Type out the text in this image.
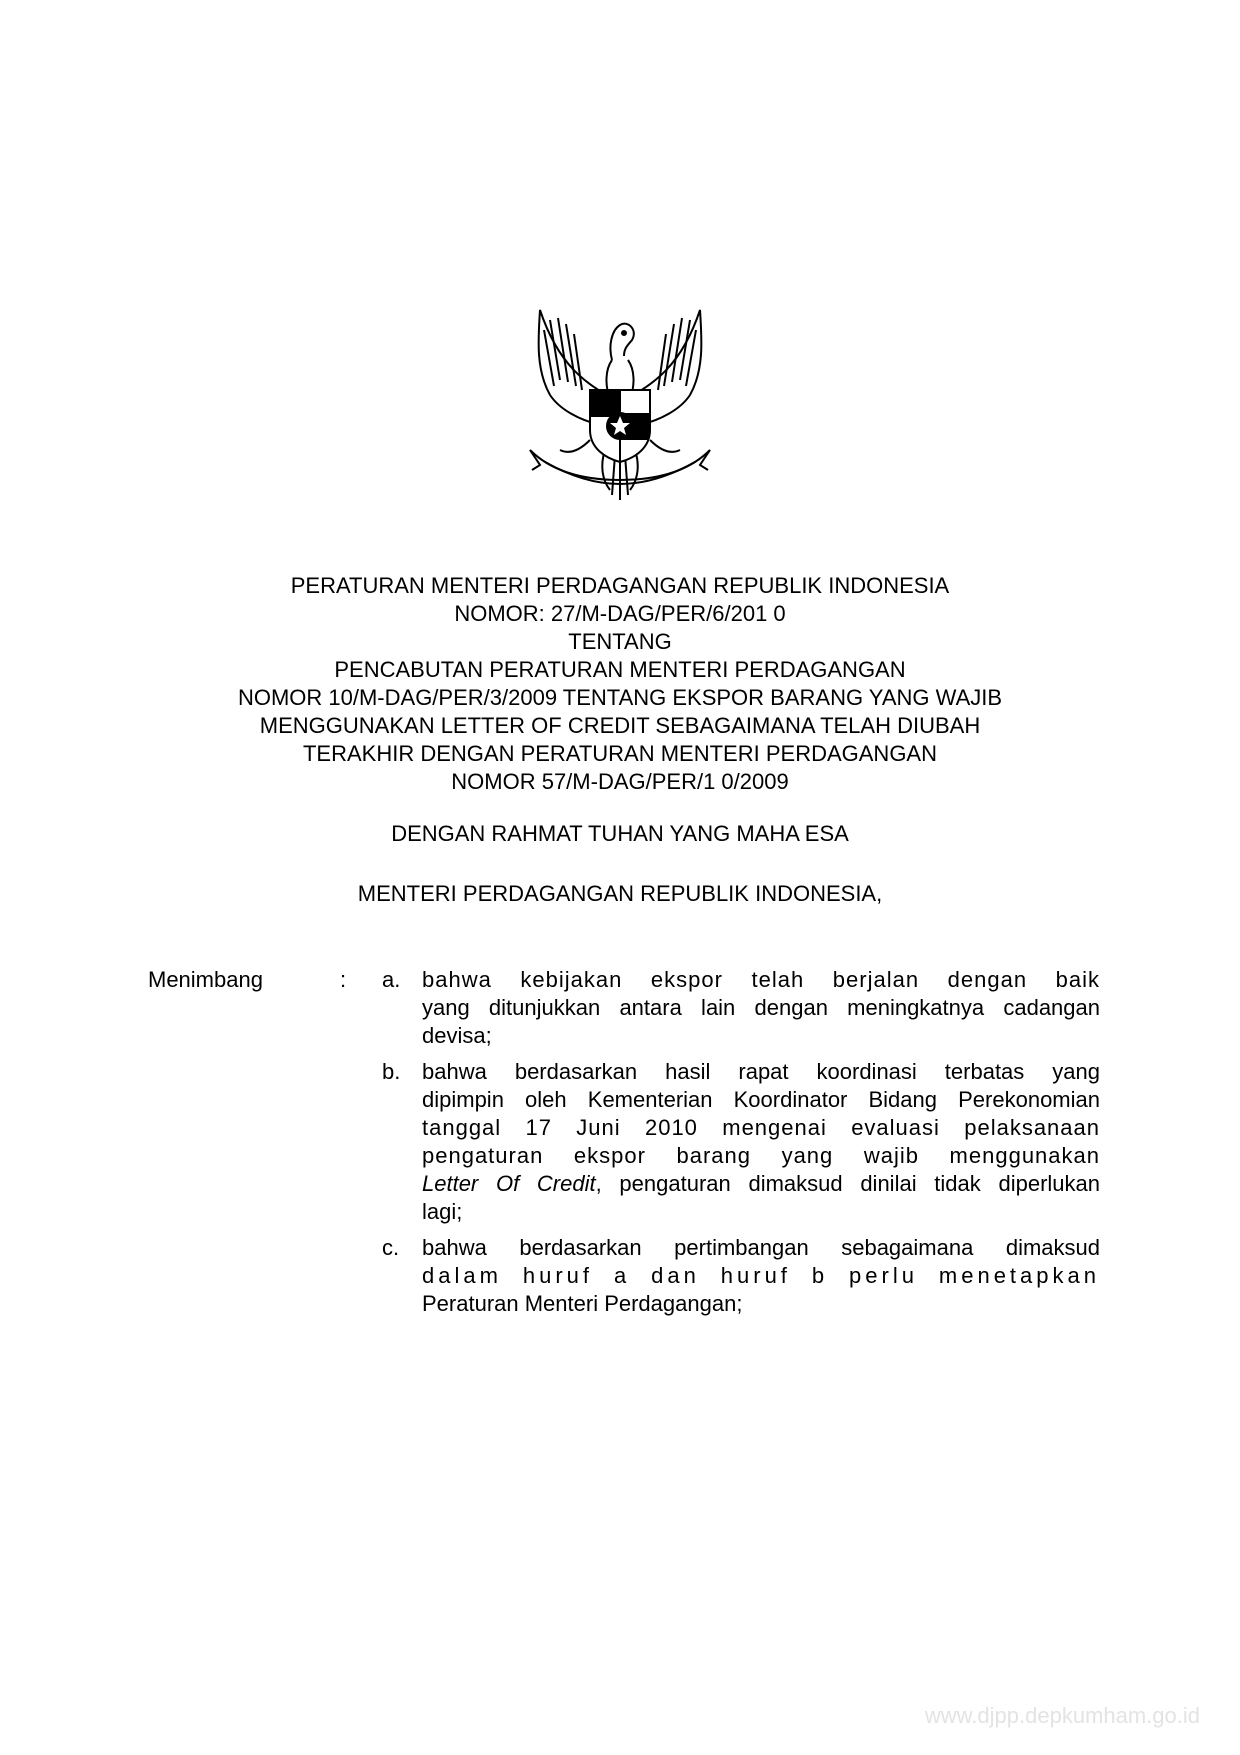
PERATURAN MENTERI PERDAGANGAN REPUBLIK INDONESIA
NOMOR: 27/M-DAG/PER/6/201 0
TENTANG
PENCABUTAN PERATURAN MENTERI PERDAGANGAN
NOMOR 10/M-DAG/PER/3/2009 TENTANG EKSPOR BARANG YANG WAJIB
MENGGUNAKAN LETTER OF CREDIT SEBAGAIMANA TELAH DIUBAH
TERAKHIR DENGAN PERATURAN MENTERI PERDAGANGAN
NOMOR 57/M-DAG/PER/1 0/2009
DENGAN RAHMAT TUHAN YANG MAHA ESA
MENTERI PERDAGANGAN REPUBLIK INDONESIA,
Menimbang	: a. bahwa kebijakan ekspor telah berjalan dengan baik
yang ditunjukkan antara lain dengan meningkatnya cadangan
devisa;
b. bahwa berdasarkan hasil rapat koordinasi terbatas yang
dipimpin oleh Kementerian Koordinator Bidang Perekonomian
tanggal 17 Juni 2010 mengenai evaluasi pelaksanaan
pengaturan ekspor barang yang wajib menggunakan
Letter Of Credit, pengaturan dimaksud dinilai tidak diperlukan
lagi;
c.	bahwa berdasarkan pertimbangan sebagaimana dimaksud
dalam huruf a dan huruf b perlu menetapkan
Peraturan Menteri Perdagangan;
www.djpp.depkumham.go.id
